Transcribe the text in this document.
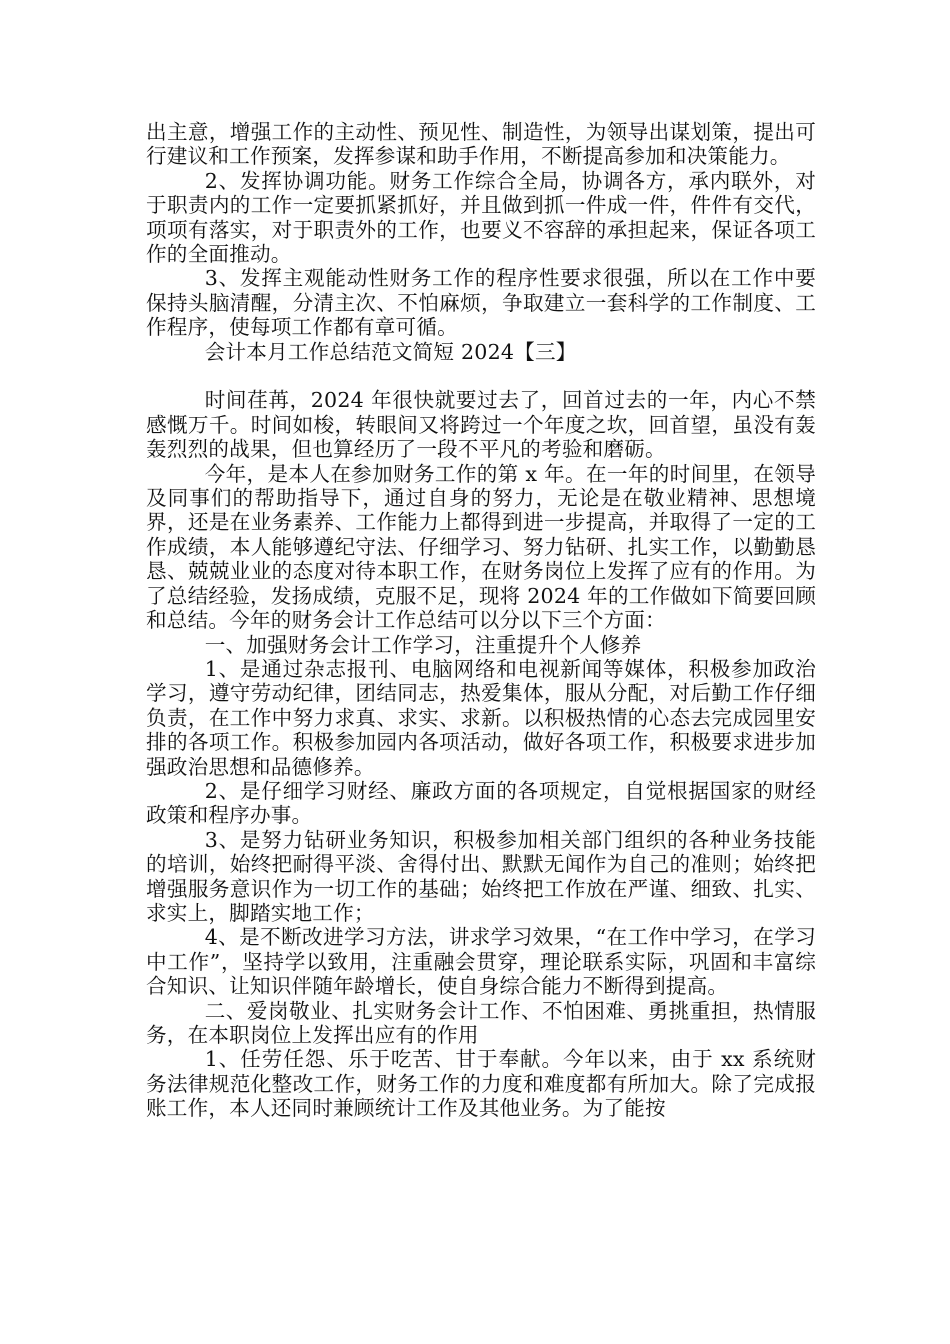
出主意，增强工作的主动性、预见性、制造性，为领导出谋划策，提出可行建议和工作预案，发挥参谋和助手作用，不断提高参加和决策能力。

2、发挥协调功能。财务工作综合全局，协调各方，承内联外，对于职责内的工作一定要抓紧抓好，并且做到抓一件成一件，件件有交代，项项有落实，对于职责外的工作，也要义不容辞的承担起来，保证各项工作的全面推动。

3、发挥主观能动性财务工作的程序性要求很强，所以在工作中要保持头脑清醒，分清主次、不怕麻烦，争取建立一套科学的工作制度、工作程序，使每项工作都有章可循。

会计本月工作总结范文简短 2024【三】

时间荏苒，2024 年很快就要过去了，回首过去的一年，内心不禁感慨万千。时间如梭，转眼间又将跨过一个年度之坎，回首望，虽没有轰轰烈烈的战果，但也算经历了一段不平凡的考验和磨砺。

今年，是本人在参加财务工作的第 x 年。在一年的时间里，在领导及同事们的帮助指导下，通过自身的努力，无论是在敬业精神、思想境界，还是在业务素养、工作能力上都得到进一步提高，并取得了一定的工作成绩，本人能够遵纪守法、仔细学习、努力钻研、扎实工作，以勤勤恳恳、兢兢业业的态度对待本职工作，在财务岗位上发挥了应有的作用。为了总结经验，发扬成绩，克服不足，现将 2024 年的工作做如下简要回顾和总结。今年的财务会计工作总结可以分以下三个方面：

一、加强财务会计工作学习，注重提升个人修养

1、是通过杂志报刊、电脑网络和电视新闻等媒体，积极参加政治学习，遵守劳动纪律，团结同志，热爱集体，服从分配，对后勤工作仔细负责，在工作中努力求真、求实、求新。以积极热情的心态去完成园里安排的各项工作。积极参加园内各项活动，做好各项工作，积极要求进步加强政治思想和品德修养。

2、是仔细学习财经、廉政方面的各项规定，自觉根据国家的财经政策和程序办事。

3、是努力钻研业务知识，积极参加相关部门组织的各种业务技能的培训，始终把耐得平淡、舍得付出、默默无闻作为自己的准则；始终把增强服务意识作为一切工作的基础；始终把工作放在严谨、细致、扎实、求实上，脚踏实地工作；

4、是不断改进学习方法，讲求学习效果，“在工作中学习，在学习中工作”，坚持学以致用，注重融会贯穿，理论联系实际，巩固和丰富综合知识、让知识伴随年龄增长，使自身综合能力不断得到提高。

二、爱岗敬业、扎实财务会计工作、不怕困难、勇挑重担，热情服务，在本职岗位上发挥出应有的作用

1、任劳任怨、乐于吃苦、甘于奉献。今年以来，由于 xx 系统财务法律规范化整改工作，财务工作的力度和难度都有所加大。除了完成报账工作，本人还同时兼顾统计工作及其他业务。为了能按
